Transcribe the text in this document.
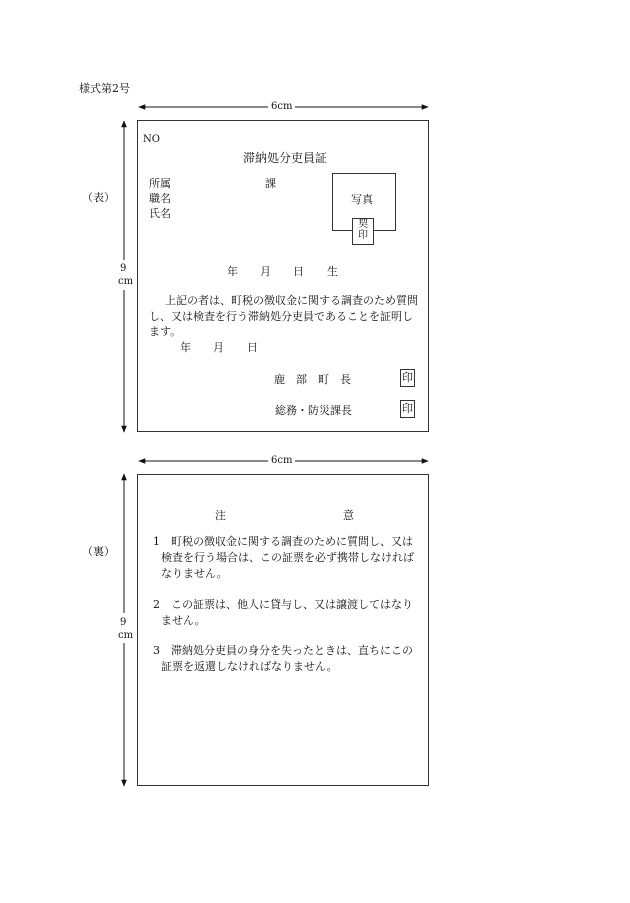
様式第2号
6cm
9
cm
6cm
9
cm
（表）
（裏）
NO
滞納処分吏員証
所属	課
職名
氏名
写真
契
印
年 月 日 生
上記の者は、町税の徴収金に関する調査のため質問し、又は検査を行う滞納処分吏員であることを証明します。
年 月 日
鹿　部　町　長	印
総務・防災課長	印
注	意
1　町税の徴収金に関する調査のために質問し、又は検査を行う場合は、この証票を必ず携帯しなければなりません。
2　この証票は、他人に貸与し、又は譲渡してはなりません。
3　滞納処分吏員の身分を失ったときは、直ちにこの証票を返還しなければなりません。
